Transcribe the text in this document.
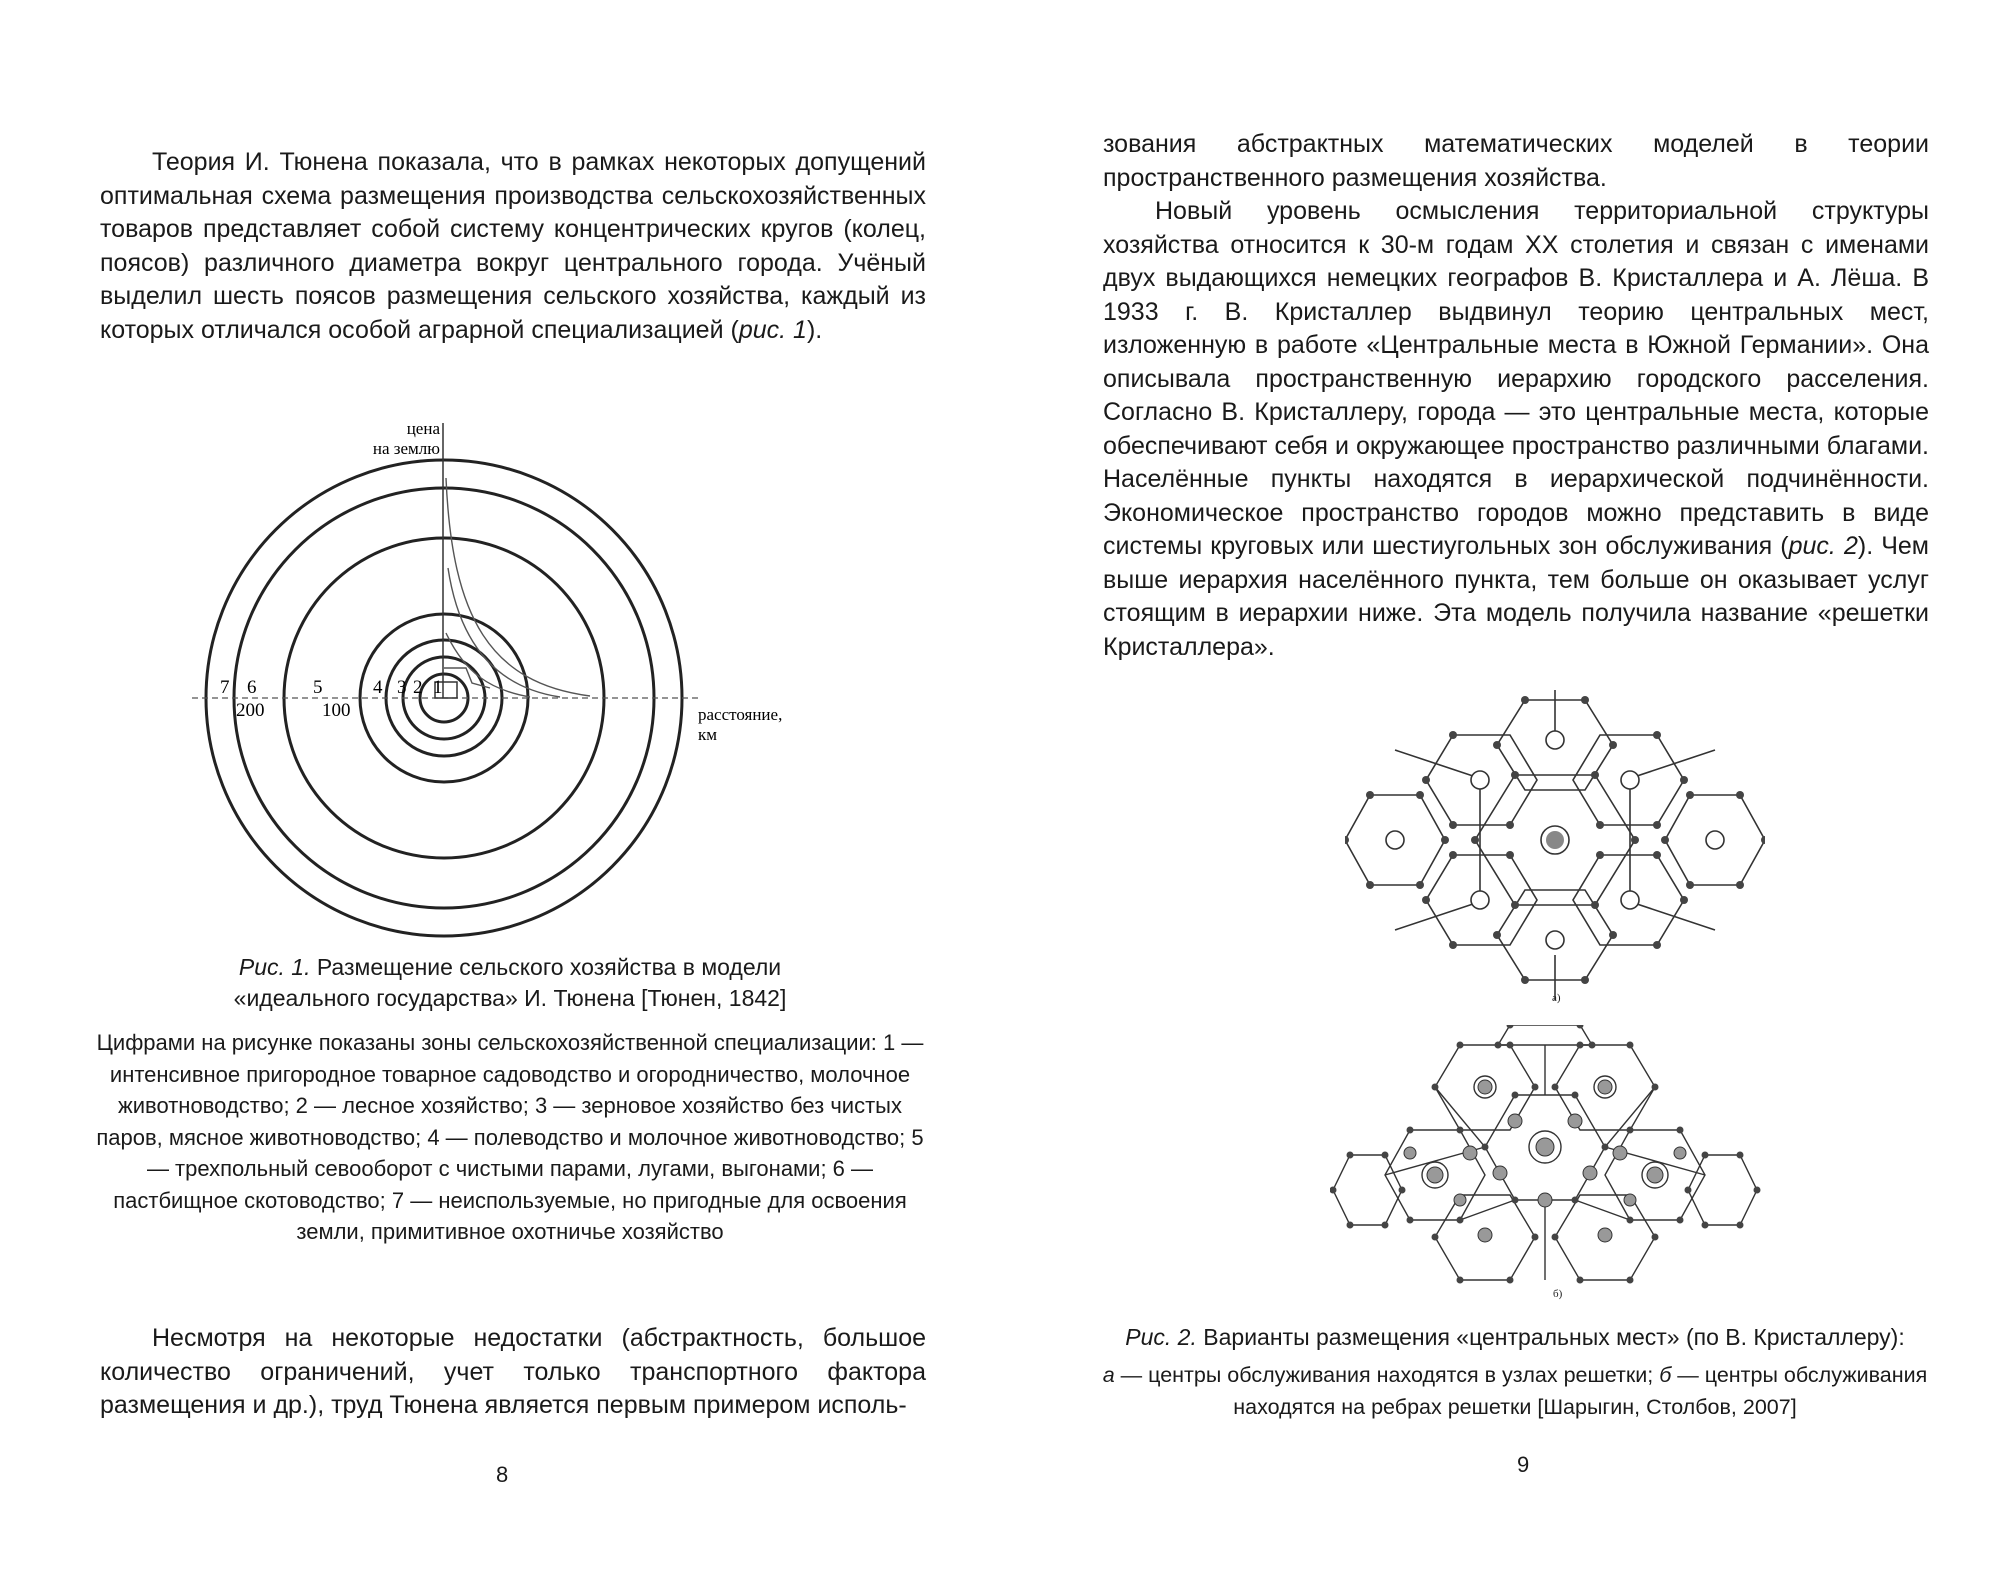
Теория И. Тюнена показала, что в рамках некоторых допущений оптимальная схема размещения производства сельскохозяйственных товаров представляет собой систему концентрических кругов (колец, поясов) различного диаметра вокруг центрального города. Учёный выделил шесть поясов размещения сельского хозяйства, каждый из которых отличался особой аграрной специализацией (рис. 1).

цена
на землю
расстояние,
км
7 6	5	4 3 2 1
200	100
Рис. 1. Размещение сельского хозяйства в модели
«идеального государства» И. Тюнена [Тюнен, 1842]
Цифрами на рисунке показаны зоны сельскохозяйственной специализации: 1 — интенсивное пригородное товарное садоводство и огородничество, молочное животноводство; 2 — лесное хозяйство; 3 — зерновое хозяйство без чистых паров, мясное животноводство; 4 — полеводство и молочное животноводство; 5 — трехпольный севооборот с чистыми парами, лугами, выгонами; 6 — пастбищное скотоводство; 7 — неиспользуемые, но пригодные для освоения земли, примитивное охотничье хозяйство

Несмотря на некоторые недостатки (абстрактность, большое количество ограничений, учет только транспортного фактора размещения и др.), труд Тюнена является первым примером исполь-

8

зования абстрактных математических моделей в теории пространственного размещения хозяйства.

Новый уровень осмысления территориальной структуры хозяйства относится к 30-м годам XX столетия и связан с именами двух выдающихся немецких географов В. Кристаллера и А. Лёша. В 1933 г. В. Кристаллер выдвинул теорию центральных мест, изложенную в работе «Центральные места в Южной Германии». Она описывала пространственную иерархию городского расселения. Согласно В. Кристаллеру, города — это центральные места, которые обеспечивают себя и окружающее пространство различными благами. Населённые пункты находятся в иерархической подчинённости. Экономическое пространство городов можно представить в виде системы круговых или шестиугольных зон обслуживания (рис. 2). Чем выше иерархия населённого пункта, тем больше он оказывает услуг стоящим в иерархии ниже. Эта модель получила название «решетки Кристаллера».

а)
б)
Рис. 2. Варианты размещения «центральных мест» (по В. Кристаллеру):
а — центры обслуживания находятся в узлах решетки; б — центры обслуживания находятся на ребрах решетки [Шарыгин, Столбов, 2007]
9
